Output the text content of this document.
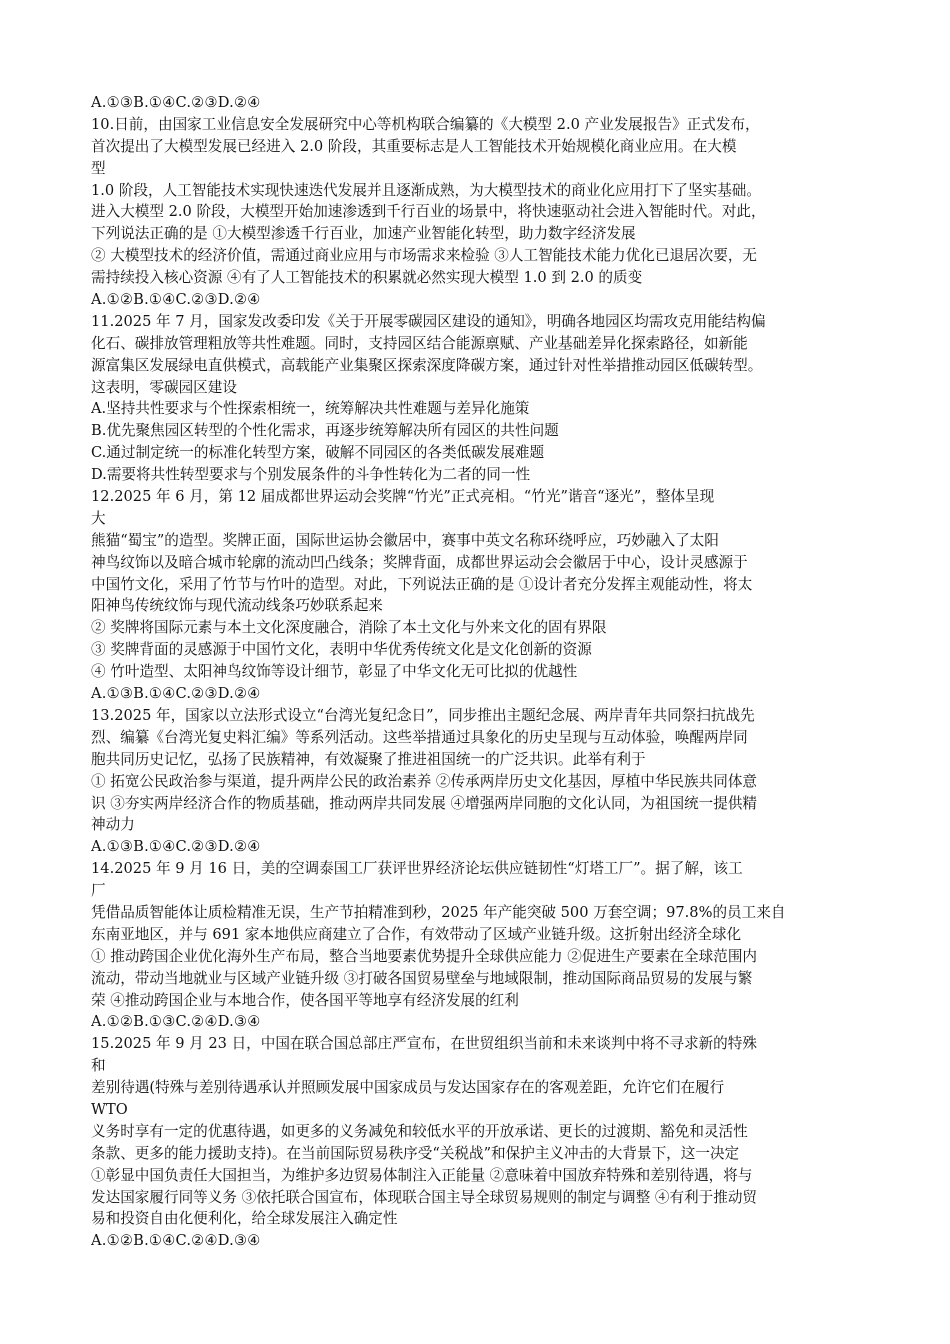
A.①③B.①④C.②③D.②④
10.日前，由国家工业信息安全发展研究中心等机构联合编纂的《大模型 2.0 产业发展报告》正式发布，
首次提出了大模型发展已经进入 2.0 阶段，其重要标志是人工智能技术开始规模化商业应用。在大模
型
1.0 阶段，人工智能技术实现快速迭代发展并且逐渐成熟，为大模型技术的商业化应用打下了坚实基础。
进入大模型 2.0 阶段，大模型开始加速渗透到千行百业的场景中，将快速驱动社会进入智能时代。对此，
下列说法正确的是 ①大模型渗透千行百业，加速产业智能化转型，助力数字经济发展
② 大模型技术的经济价值，需通过商业应用与市场需求来检验 ③人工智能技术能力优化已退居次要，无
需持续投入核心资源 ④有了人工智能技术的积累就必然实现大模型 1.0 到 2.0 的质变
A.①②B.①④C.②③D.②④
11.2025 年 7 月，国家发改委印发《关于开展零碳园区建设的通知》，明确各地园区均需攻克用能结构偏
化石、碳排放管理粗放等共性难题。同时，支持园区结合能源禀赋、产业基础差异化探索路径，如新能
源富集区发展绿电直供模式，高载能产业集聚区探索深度降碳方案，通过针对性举措推动园区低碳转型。
这表明，零碳园区建设
A.坚持共性要求与个性探索相统一，统筹解决共性难题与差异化施策
B.优先聚焦园区转型的个性化需求，再逐步统筹解决所有园区的共性问题
C.通过制定统一的标准化转型方案，破解不同园区的各类低碳发展难题
D.需要将共性转型要求与个别发展条件的斗争性转化为二者的同一性
12.2025 年 6 月，第 12 届成都世界运动会奖牌“竹光”正式亮相。“竹光”谐音“逐光”，整体呈现
大
熊猫“蜀宝”的造型。奖牌正面，国际世运协会徽居中，赛事中英文名称环绕呼应，巧妙融入了太阳
神鸟纹饰以及暗合城市轮廓的流动凹凸线条；奖牌背面，成都世界运动会会徽居于中心，设计灵感源于
中国竹文化，采用了竹节与竹叶的造型。对此，下列说法正确的是 ①设计者充分发挥主观能动性，将太
阳神鸟传统纹饰与现代流动线条巧妙联系起来
② 奖牌将国际元素与本土文化深度融合，消除了本土文化与外来文化的固有界限
③ 奖牌背面的灵感源于中国竹文化，表明中华优秀传统文化是文化创新的资源
④ 竹叶造型、太阳神鸟纹饰等设计细节，彰显了中华文化无可比拟的优越性
A.①③B.①④C.②③D.②④
13.2025 年，国家以立法形式设立“台湾光复纪念日”，同步推出主题纪念展、两岸青年共同祭扫抗战先
烈、编纂《台湾光复史料汇编》等系列活动。这些举措通过具象化的历史呈现与互动体验，唤醒两岸同
胞共同历史记忆，弘扬了民族精神，有效凝聚了推进祖国统一的广泛共识。此举有利于
① 拓宽公民政治参与渠道，提升两岸公民的政治素养 ②传承两岸历史文化基因，厚植中华民族共同体意
识 ③夯实两岸经济合作的物质基础，推动两岸共同发展 ④增强两岸同胞的文化认同，为祖国统一提供精
神动力
A.①③B.①④C.②③D.②④
14.2025 年 9 月 16 日，美的空调泰国工厂获评世界经济论坛供应链韧性“灯塔工厂”。据了解，该工
厂
凭借品质智能体让质检精准无误，生产节拍精准到秒，2025 年产能突破 500 万套空调；97.8%的员工来自
东南亚地区，并与 691 家本地供应商建立了合作，有效带动了区域产业链升级。这折射出经济全球化
① 推动跨国企业优化海外生产布局，整合当地要素优势提升全球供应能力 ②促进生产要素在全球范围内
流动，带动当地就业与区域产业链升级 ③打破各国贸易壁垒与地域限制，推动国际商品贸易的发展与繁
荣 ④推动跨国企业与本地合作，使各国平等地享有经济发展的红利
A.①②B.①③C.②④D.③④
15.2025 年 9 月 23 日，中国在联合国总部庄严宣布，在世贸组织当前和未来谈判中将不寻求新的特殊
和
差别待遇(特殊与差别待遇承认并照顾发展中国家成员与发达国家存在的客观差距，允许它们在履行
WTO
义务时享有一定的优惠待遇，如更多的义务减免和较低水平的开放承诺、更长的过渡期、豁免和灵活性
条款、更多的能力援助支持)。在当前国际贸易秩序受“关税战”和保护主义冲击的大背景下，这一决定
①彰显中国负责任大国担当，为维护多边贸易体制注入正能量 ②意味着中国放弃特殊和差别待遇，将与
发达国家履行同等义务 ③依托联合国宣布，体现联合国主导全球贸易规则的制定与调整 ④有利于推动贸
易和投资自由化便利化，给全球发展注入确定性
A.①②B.①④C.②④D.③④
